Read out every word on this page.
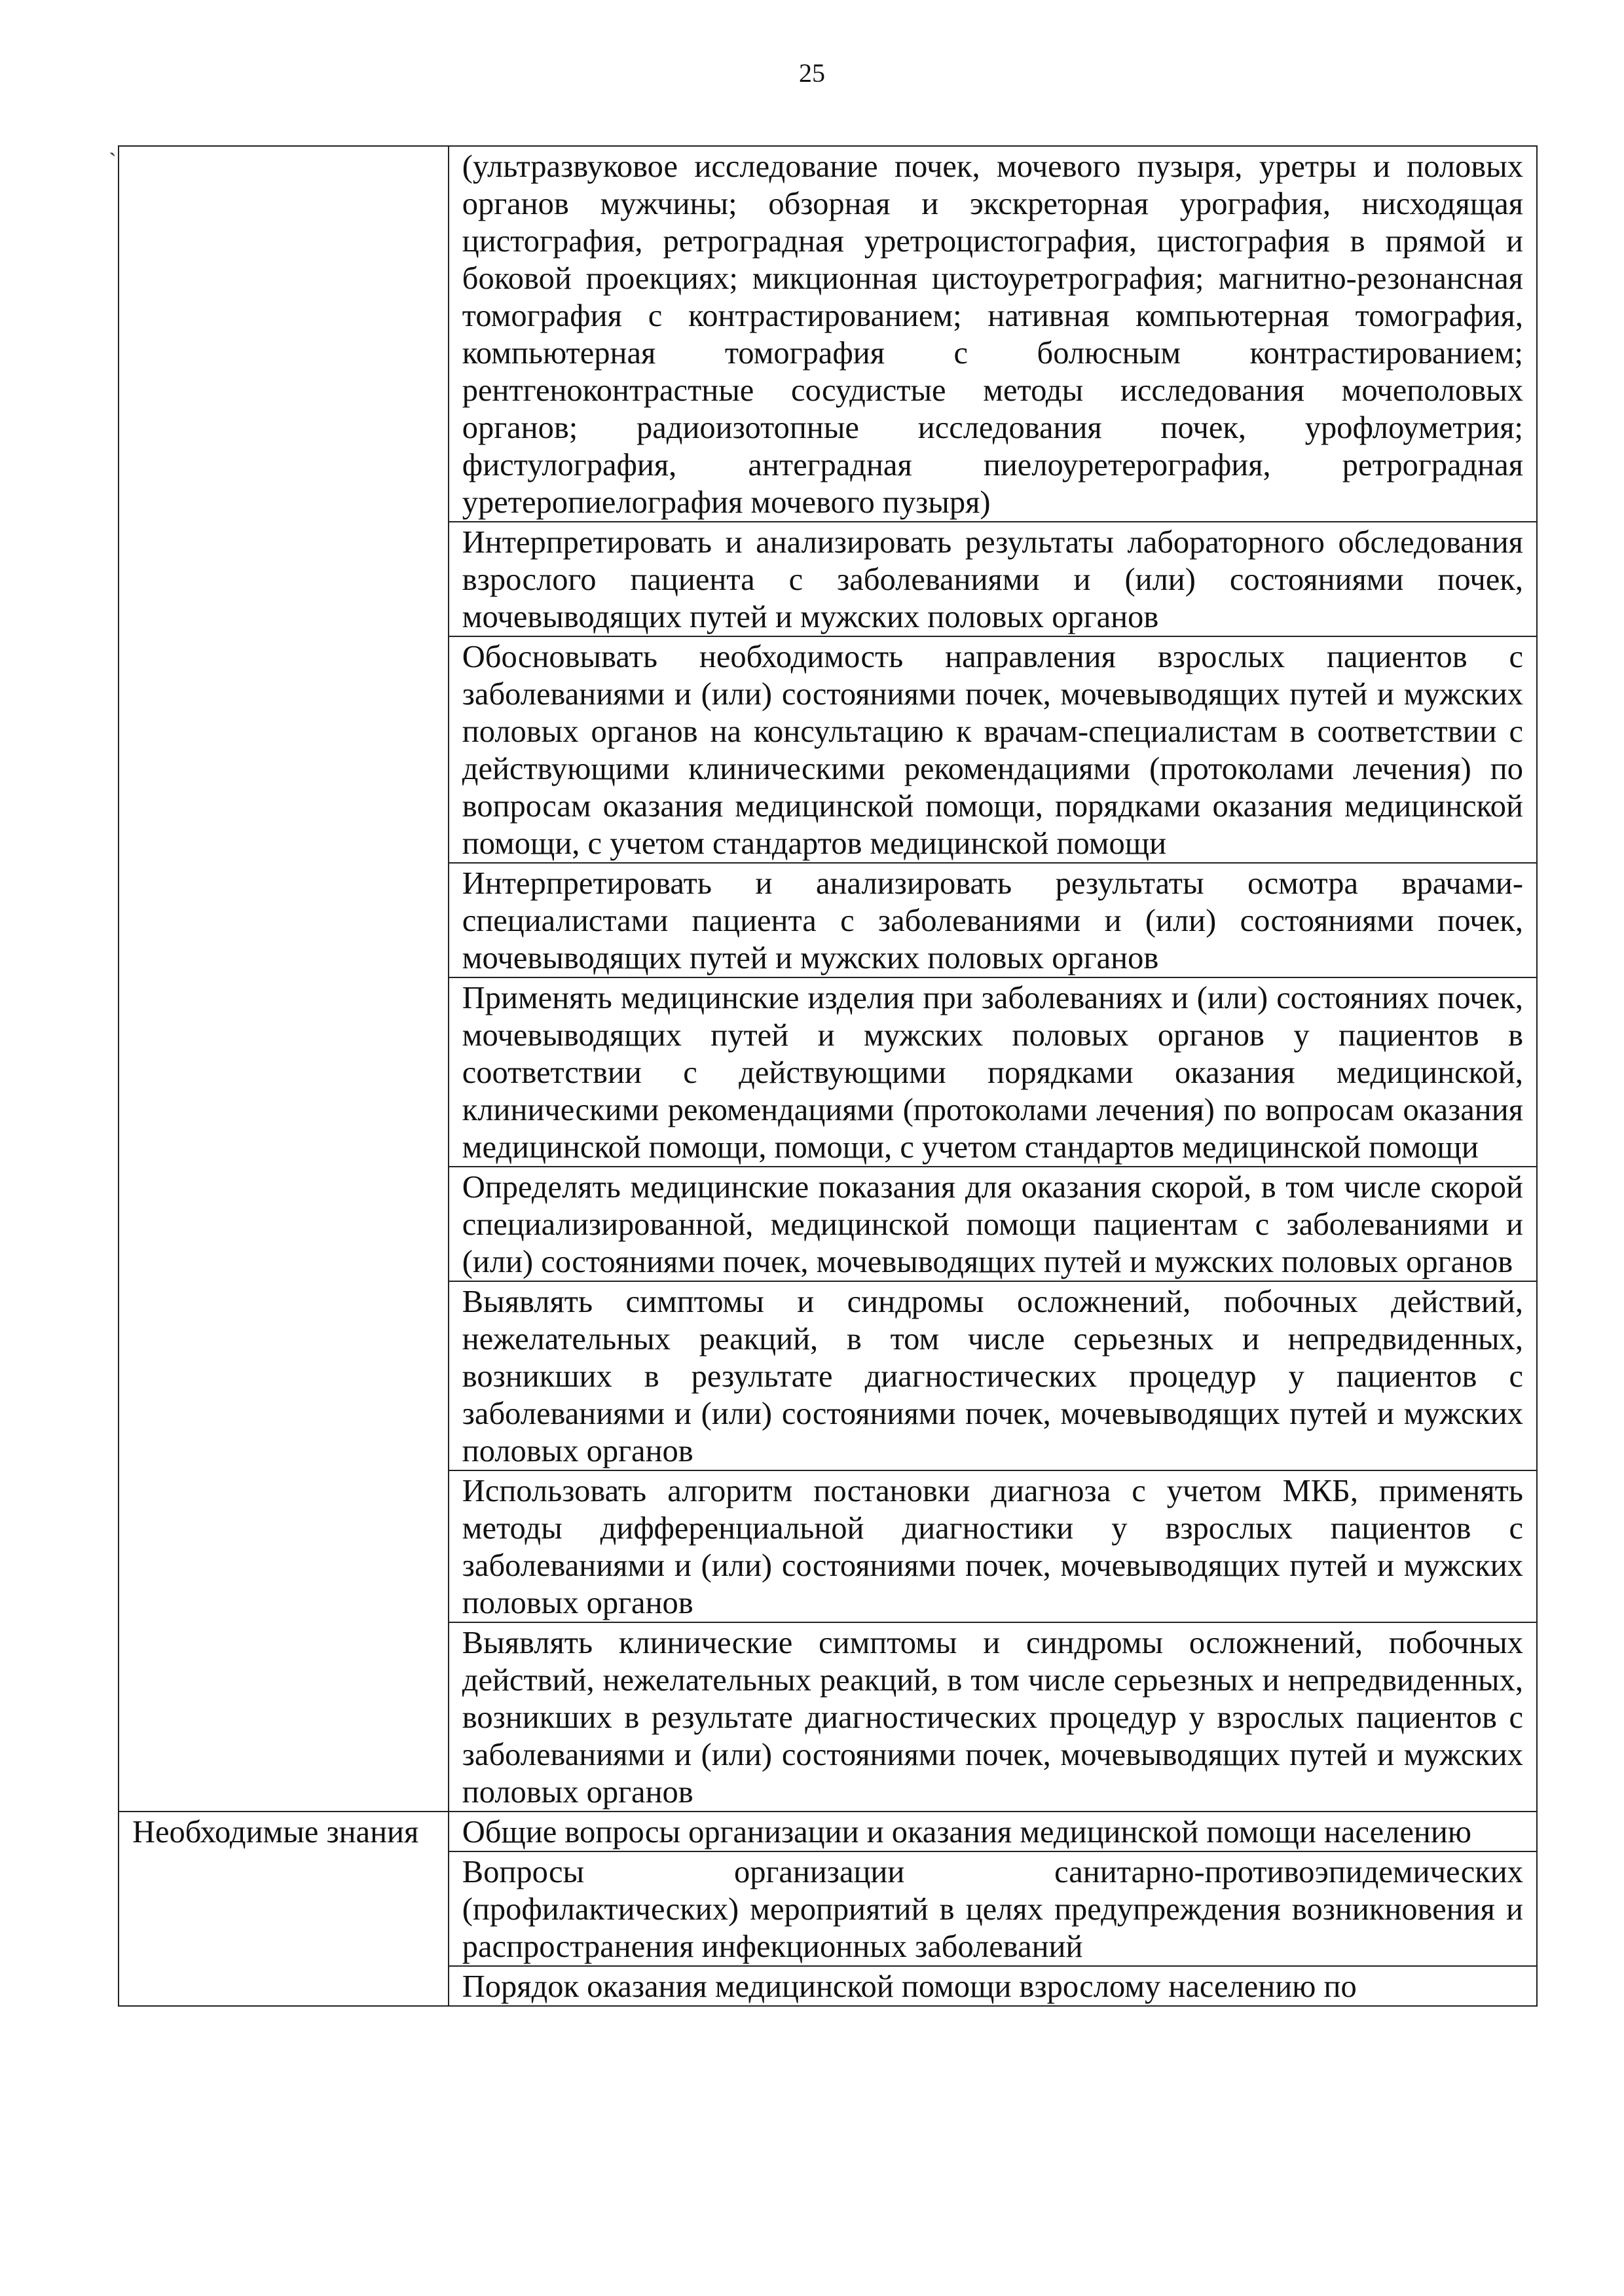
25
`

	(ультразвуковое исследование почек, мочевого пузыря, уретры и половых органов мужчины; обзорная и экскреторная урография, нисходящая цистография, ретроградная уретроцистография, цистография в прямой и боковой проекциях; микционная цистоуретрография; магнитно-резонансная томография с контрастированием; нативная компьютерная томография, компьютерная томография с болюсным контрастированием; рентгеноконтрастные сосудистые методы исследования мочеполовых органов; радиоизотопные исследования почек, урофлоуметрия; фистулография, антеградная пиелоуретерография, ретроградная уретеропиелография мочевого пузыря)

	Интерпретировать и анализировать результаты лабораторного обследования взрослого пациента с заболеваниями и (или) состояниями почек, мочевыводящих путей и мужских половых органов

	Обосновывать необходимость направления взрослых пациентов с заболеваниями и (или) состояниями почек, мочевыводящих путей и мужских половых органов на консультацию к врачам-специалистам в соответствии с действующими клиническими рекомендациями (протоколами лечения) по вопросам оказания медицинской помощи, порядками оказания медицинской помощи, с учетом стандартов медицинской помощи

	Интерпретировать и анализировать результаты осмотра врачами-специалистами пациента с заболеваниями и (или) состояниями почек, мочевыводящих путей и мужских половых органов

	Применять медицинские изделия при заболеваниях и (или) состояниях почек, мочевыводящих путей и мужских половых органов у пациентов в соответствии с действующими порядками оказания медицинской, клиническими рекомендациями (протоколами лечения) по вопросам оказания медицинской помощи, помощи, с учетом стандартов медицинской помощи

	Определять медицинские показания для оказания скорой, в том числе скорой специализированной, медицинской помощи пациентам с заболеваниями и (или) состояниями почек, мочевыводящих путей и мужских половых органов

	Выявлять симптомы и синдромы осложнений, побочных действий, нежелательных реакций, в том числе серьезных и непредвиденных, возникших в результате диагностических процедур у пациентов с заболеваниями и (или) состояниями почек, мочевыводящих путей и мужских половых органов

	Использовать алгоритм постановки диагноза с учетом МКБ, применять методы дифференциальной диагностики у взрослых пациентов с заболеваниями и (или) состояниями почек, мочевыводящих путей и мужских половых органов

	Выявлять клинические симптомы и синдромы осложнений, побочных действий, нежелательных реакций, в том числе серьезных и непредвиденных, возникших в результате диагностических процедур у взрослых пациентов с заболеваниями и (или) состояниями почек, мочевыводящих путей и мужских половых органов

Необходимые знания	Общие вопросы организации и оказания медицинской помощи населению

	Вопросы организации санитарно-противоэпидемических (профилактических) мероприятий в целях предупреждения возникновения и распространения инфекционных заболеваний

	Порядок оказания медицинской помощи взрослому населению по
